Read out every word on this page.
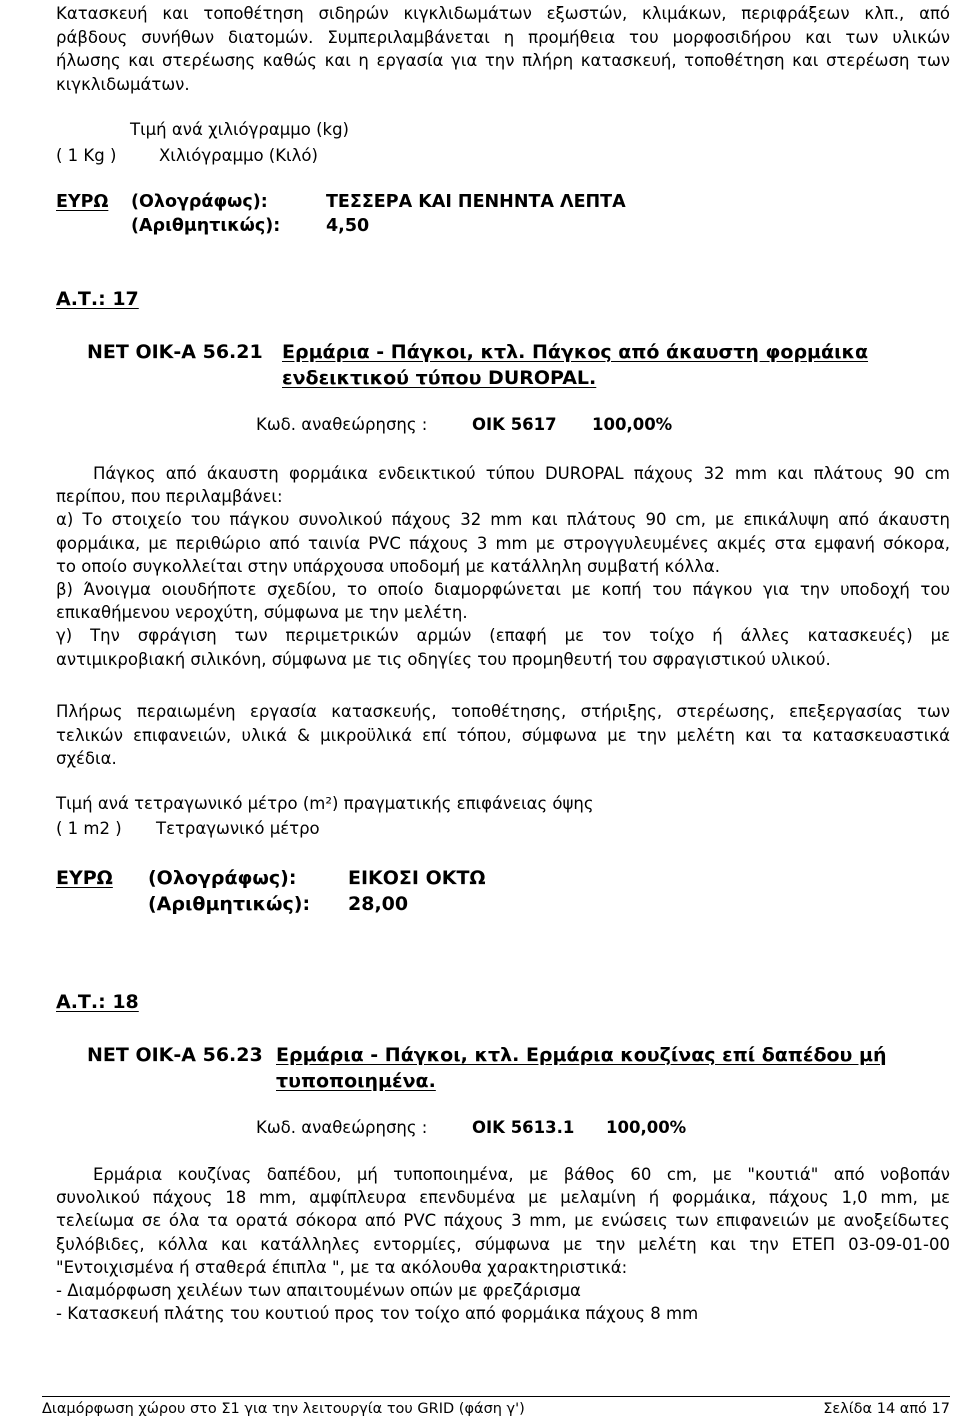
Κατασκευή και τοποθέτηση σιδηρών κιγκλιδωμάτων εξωστών, κλιμάκων, περιφράξεων κλπ., από
ράβδους συνήθων διατομών. Συμπεριλαμβάνεται η προμήθεια του μορφοσιδήρου και των υλικών
ήλωσης και στερέωσης καθώς και η εργασία για την πλήρη κατασκευή, τοποθέτηση και στερέωση των
κιγκλιδωμάτων.
Τιμή ανά χιλιόγραμμο (kg)
( 1 Kg )	Χιλιόγραμμο (Κιλό)
ΕΥΡΩ (Ολογράφως):	ΤΕΣΣΕΡΑ ΚΑΙ ΠΕΝΗΝΤΑ ΛΕΠΤΑ
(Αριθμητικώς):	4,50
Α.Τ.: 17
ΝΕΤ ΟΙΚ-Α 56.21 Ερμάρια - Πάγκοι, κτλ. Πάγκος από άκαυστη φορμάικα
ενδεικτικού τύπου DUROPAL.
Κωδ. αναθεώρησης :	ΟΙΚ 5617 100,00%
Πάγκος από άκαυστη φορμάικα ενδεικτικού τύπου DUROPAL πάχους 32 mm και πλάτους 90 cm
περίπου, που περιλαμβάνει:
α) Το στοιχείο του πάγκου συνολικού πάχους 32 mm και πλάτους 90 cm, με επικάλυψη από άκαυστη
φορμάικα, με περιθώριο από ταινία PVC πάχους 3 mm με στρογγυλευμένες ακμές στα εμφανή σόκορα,
το οποίο συγκολλείται στην υπάρχουσα υποδομή με κατάλληλη συμβατή κόλλα.
β) Άνοιγμα οιουδήποτε σχεδίου, το οποίο διαμορφώνεται με κοπή του πάγκου για την υποδοχή του
επικαθήμενου νεροχύτη, σύμφωνα με την μελέτη.
γ) Την σφράγιση των περιμετρικών αρμών (επαφή με τον τοίχο ή άλλες κατασκευές) με
αντιμικροβιακή σιλικόνη, σύμφωνα με τις οδηγίες του προμηθευτή του σφραγιστικού υλικού.
Πλήρως περαιωμένη εργασία κατασκευής, τοποθέτησης, στήριξης, στερέωσης, επεξεργασίας των
τελικών επιφανειών, υλικά & μικροϋλικά επί τόπου, σύμφωνα με την μελέτη και τα κατασκευαστικά
σχέδια.
Τιμή ανά τετραγωνικό μέτρο (m²) πραγματικής επιφάνειας όψης
( 1 m2 ) Τετραγωνικό μέτρο
ΕΥΡΩ (Ολογράφως):	ΕΙΚΟΣΙ ΟΚΤΩ
(Αριθμητικώς): 28,00
Α.Τ.: 18
ΝΕΤ ΟΙΚ-Α 56.23 Ερμάρια - Πάγκοι, κτλ. Ερμάρια κουζίνας επί δαπέδου μή
τυποποιημένα.
Κωδ. αναθεώρησης :	ΟΙΚ 5613.1 100,00%
Ερμάρια κουζίνας δαπέδου, μή τυποποιημένα, με βάθος 60 cm, με "κουτιά" από νοβοπάν
συνολικού πάχους 18 mm, αμφίπλευρα επενδυμένα με μελαμίνη ή φορμάικα, πάχους 1,0 mm, με
τελείωμα σε όλα τα ορατά σόκορα από PVC πάχους 3 mm, με ενώσεις των επιφανειών με ανοξείδωτες
ξυλόβιδες, κόλλα και κατάλληλες εντορμίες, σύμφωνα με την μελέτη και την ΕΤΕΠ 03-09-01-00
"Εντοιχισμένα ή σταθερά έπιπλα ", με τα ακόλουθα χαρακτηριστικά:
- Διαμόρφωση χειλέων των απαιτουμένων οπών με φρεζάρισμα
- Κατασκευή πλάτης του κουτιού προς τον τοίχο από φορμάικα πάχους 8 mm
Διαμόρφωση χώρου στο Σ1 για την λειτουργία του GRID (φάση γ')	Σελίδα 14 από 17
